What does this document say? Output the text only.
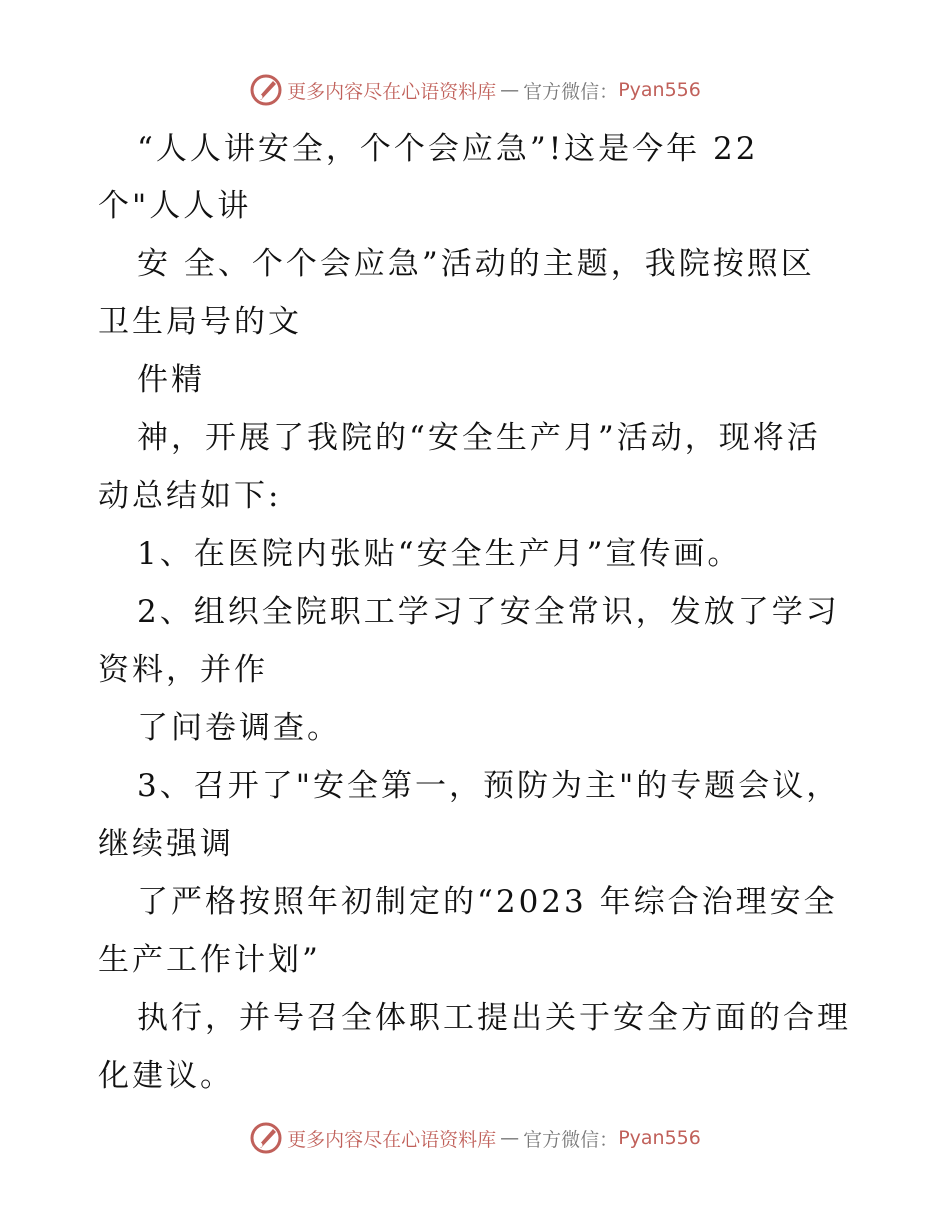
更多内容尽在心语资料库 — 官方微信： Pyan556
“人人讲安全，个个会应急”!这是今年 22
个"人人讲
安 全、个个会应急”活动的主题，我院按照区
卫生局号的文
件精
神，开展了我院的“安全生产月”活动，现将活
动总结如下:
1、在医院内张贴“安全生产月”宣传画。
2、组织全院职工学习了安全常识，发放了学习
资料，并作
了问卷调查。
3、召开了"安全第一，预防为主"的专题会议，
继续强调
了严格按照年初制定的“2023 年综合治理安全
生产工作计划”
执行，并号召全体职工提出关于安全方面的合理
化建议。
更多内容尽在心语资料库 — 官方微信： Pyan556
